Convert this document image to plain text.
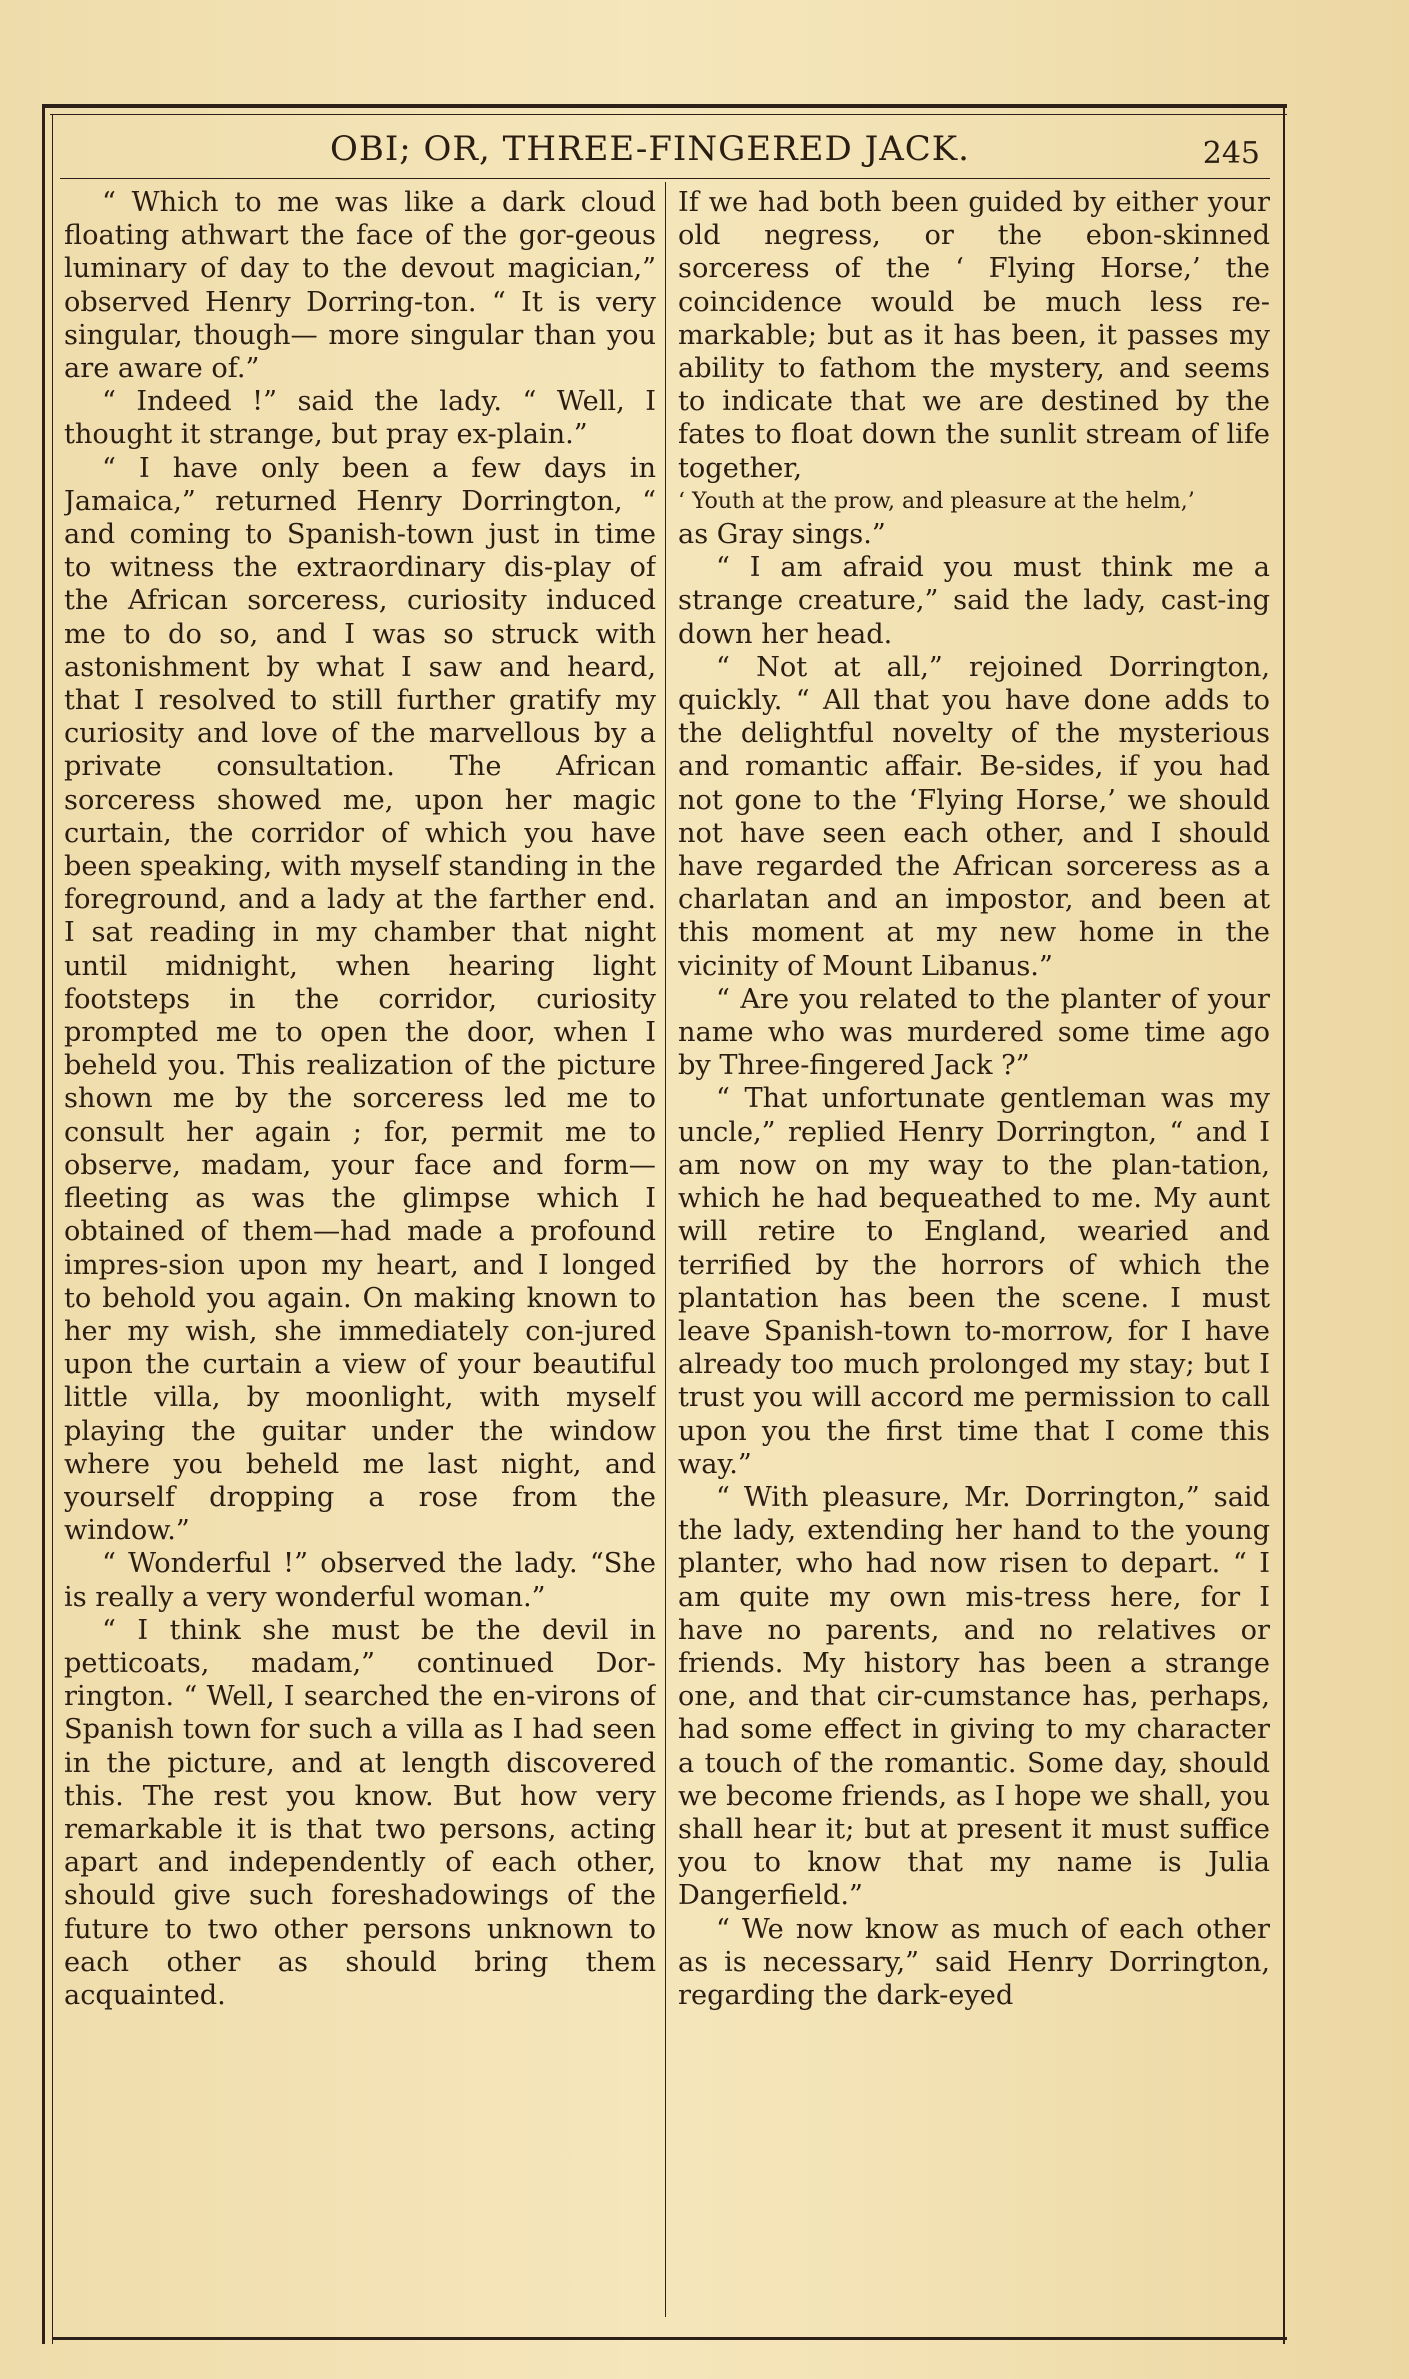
OBI; OR, THREE-FINGERED JACK.	245

“ Which to me was like a dark cloud floating athwart the face of the gor-geous luminary of day to the devout magician,” observed Henry Dorring-ton. “ It is very singular, though— more singular than you are aware of.”

“ Indeed !” said the lady. “ Well, I thought it strange, but pray ex-plain.”

“ I have only been a few days in Jamaica,” returned Henry Dorrington, “ and coming to Spanish-town just in time to witness the extraordinary dis-play of the African sorceress, curiosity induced me to do so, and I was so struck with astonishment by what I saw and heard, that I resolved to still further gratify my curiosity and love of the marvellous by a private consultation. The African sorceress showed me, upon her magic curtain, the corridor of which you have been speaking, with myself standing in the foreground, and a lady at the farther end. I sat reading in my chamber that night until midnight, when hearing light footsteps in the corridor, curiosity prompted me to open the door, when I beheld you. This realization of the picture shown me by the sorceress led me to consult her again ; for, permit me to observe, madam, your face and form—fleeting as was the glimpse which I obtained of them—had made a profound impres-sion upon my heart, and I longed to behold you again. On making known to her my wish, she immediately con-jured upon the curtain a view of your beautiful little villa, by moonlight, with myself playing the guitar under the window where you beheld me last night, and yourself dropping a rose from the window.”

“ Wonderful !” observed the lady. “She is really a very wonderful woman.”

“ I think she must be the devil in petticoats, madam,” continued Dor-rington. “ Well, I searched the en-virons of Spanish town for such a villa as I had seen in the picture, and at length discovered this. The rest you know. But how very remarkable it is that two persons, acting apart and independently of each other, should give such foreshadowings of the future to two other persons unknown to each other as should bring them acquainted.

If we had both been guided by either your old negress, or the ebon-skinned sorceress of the ‘ Flying Horse,’ the coincidence would be much less re-markable; but as it has been, it passes my ability to fathom the mystery, and seems to indicate that we are destined by the fates to float down the sunlit stream of life together,

‘ Youth at the prow, and pleasure at the helm,’

as Gray sings.”

“ I am afraid you must think me a strange creature,” said the lady, cast-ing down her head.

“ Not at all,” rejoined Dorrington, quickly. “ All that you have done adds to the delightful novelty of the mysterious and romantic affair. Be-sides, if you had not gone to the ‘Flying Horse,’ we should not have seen each other, and I should have regarded the African sorceress as a charlatan and an impostor, and been at this moment at my new home in the vicinity of Mount Libanus.”

“ Are you related to the planter of your name who was murdered some time ago by Three-fingered Jack ?”

“ That unfortunate gentleman was my uncle,” replied Henry Dorrington, “ and I am now on my way to the plan-tation, which he had bequeathed to me. My aunt will retire to England, wearied and terrified by the horrors of which the plantation has been the scene. I must leave Spanish-town to-morrow, for I have already too much prolonged my stay; but I trust you will accord me permission to call upon you the first time that I come this way.”

“ With pleasure, Mr. Dorrington,” said the lady, extending her hand to the young planter, who had now risen to depart. “ I am quite my own mis-tress here, for I have no parents, and no relatives or friends. My history has been a strange one, and that cir-cumstance has, perhaps, had some effect in giving to my character a touch of the romantic. Some day, should we become friends, as I hope we shall, you shall hear it; but at present it must suffice you to know that my name is Julia Dangerfield.”

“ We now know as much of each other as is necessary,” said Henry Dorrington, regarding the dark-eyed
